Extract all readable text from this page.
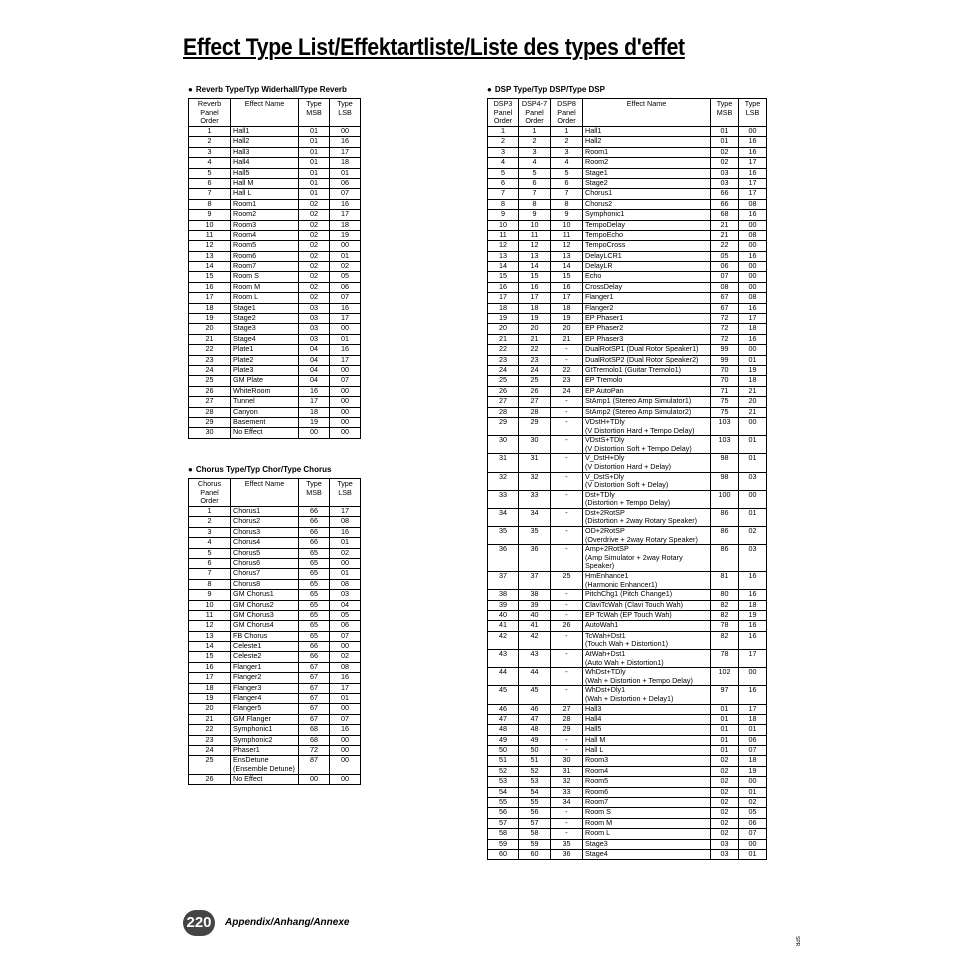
Effect Type List/Effektartliste/Liste des types d'effet
● Reverb Type/Typ Widerhall/Type Reverb
Reverb Panel Order	Effect Name	Type MSB	Type LSB
1	Hall1	01	00
2	Hall2	01	16
3	Hall3	01	17
4	Hall4	01	18
5	Hall5	01	01
6	Hall M	01	06
7	Hall L	01	07
8	Room1	02	16
9	Room2	02	17
10	Room3	02	18
11	Room4	02	19
12	Room5	02	00
13	Room6	02	01
14	Room7	02	02
15	Room S	02	05
16	Room M	02	06
17	Room L	02	07
18	Stage1	03	16
19	Stage2	03	17
20	Stage3	03	00
21	Stage4	03	01
22	Plate1	04	16
23	Plate2	04	17
24	Plate3	04	00
25	GM Plate	04	07
26	WhiteRoom	16	00
27	Tunnel	17	00
28	Canyon	18	00
29	Basement	19	00
30	No Effect	00	00
● Chorus Type/Typ Chor/Type Chorus
Chorus Panel Order	Effect Name	Type MSB	Type LSB
1	Chorus1	66	17
2	Chorus2	66	08
3	Chorus3	66	16
4	Chorus4	66	01
5	Chorus5	65	02
6	Chorus6	65	00
7	Chorus7	65	01
8	Chorus8	65	08
9	GM Chorus1	65	03
10	GM Chorus2	65	04
11	GM Chorus3	65	05
12	GM Chorus4	65	06
13	FB Chorus	65	07
14	Celeste1	66	00
15	Celeste2	66	02
16	Flanger1	67	08
17	Flanger2	67	16
18	Flanger3	67	17
19	Flanger4	67	01
20	Flanger5	67	00
21	GM Flanger	67	07
22	Symphonic1	68	16
23	Symphonic2	68	00
24	Phaser1	72	00
25	EnsDetune (Ensemble Detune)	87	00
26	No Effect	00	00
● DSP Type/Typ DSP/Type DSP
DSP3 Panel Order	DSP4-7 Panel Order	DSP8 Panel Order	Effect Name	Type MSB	Type LSB
1	1	1	Hall1	01	00
2	2	2	Hall2	01	16
3	3	3	Room1	02	16
4	4	4	Room2	02	17
5	5	5	Stage1	03	16
6	6	6	Stage2	03	17
7	7	7	Chorus1	66	17
8	8	8	Chorus2	66	08
9	9	9	Symphonic1	68	16
10	10	10	TempoDelay	21	00
11	11	11	TempoEcho	21	08
12	12	12	TempoCross	22	00
13	13	13	DelayLCR1	05	16
14	14	14	DelayLR	06	00
15	15	15	Echo	07	00
16	16	16	CrossDelay	08	00
17	17	17	Flanger1	67	08
18	18	18	Flanger2	67	16
19	19	19	EP Phaser1	72	17
20	20	20	EP Phaser2	72	18
21	21	21	EP Phaser3	72	16
22	22	-	DualRotSP1 (Dual Rotor Speaker1)	99	00
23	23	-	DualRotSP2 (Dual Rotor Speaker2)	99	01
24	24	22	GtTremolo1 (Guitar Tremolo1)	70	19
25	25	23	EP Tremolo	70	18
26	26	24	EP AutoPan	71	21
27	27	-	StAmp1 (Stereo Amp Simulator1)	75	20
28	28	-	StAmp2 (Stereo Amp Simulator2)	75	21
29	29	-	VDstH+TDly
(V Distortion Hard + Tempo Delay)	103	00
30	30	-	VDstS+TDly
(V Distortion Soft + Tempo Delay)	103	01
31	31	-	V_DstH+Dly
(V Distortion Hard + Delay)	98	01
32	32	-	V_DstS+Dly
(V Distortion Soft + Delay)	98	03
33	33	-	Dst+TDly
(Distortion + Tempo Delay)	100	00
34	34	-	Dst+2RotSP
(Distortion + 2way Rotary Speaker)	86	01
35	35	-	OD+2RotSP
(Overdrive + 2way Rotary Speaker)	86	02
36	36	-	Amp+2RotSP
(Amp Simulator + 2way Rotary
Speaker)	86	03
37	37	25	HmEnhance1
(Harmonic Enhancer1)	81	16
38	38	-	PitchChg1 (Pitch Change1)	80	16
39	39	-	ClaviTcWah (Clavi Touch Wah)	82	18
40	40	-	EP TcWah (EP Touch Wah)	82	19
41	41	26	AutoWah1	78	16
42	42	-	TcWah+Dst1
(Touch Wah + Distortion1)	82	16
43	43	-	AtWah+Dst1
(Auto Wah + Distortion1)	78	17
44	44	-	WhDst+TDly
(Wah + Distortion + Tempo Delay)	102	00
45	45	-	WhDst+Dly1
(Wah + Distortion + Delay1)	97	16
46	46	27	Hall3	01	17
47	47	28	Hall4	01	18
48	48	29	Hall5	01	01
49	49	-	Hall M	01	06
50	50	-	Hall L	01	07
51	51	30	Room3	02	18
52	52	31	Room4	02	19
53	53	32	Room5	02	00
54	54	33	Room6	02	01
55	55	34	Room7	02	02
56	56	-	Room S	02	05
57	57	-	Room M	02	06
58	58	-	Room L	02	07
59	59	35	Stage3	03	00
60	60	36	Stage4	03	01
220	Appendix/Anhang/Annexe
SPR
